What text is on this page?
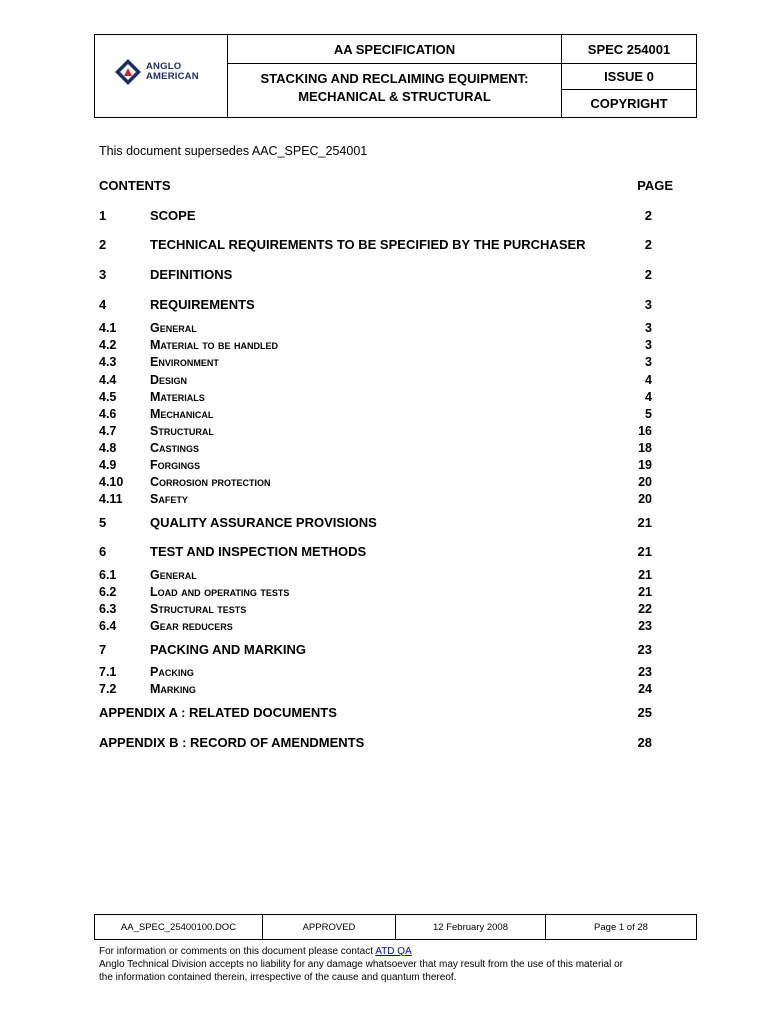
ANGLO
AMERICAN
AA SPECIFICATION
STACKING AND RECLAIMING EQUIPMENT:
MECHANICAL & STRUCTURAL
SPEC 254001
ISSUE 0
COPYRIGHT
This document supersedes AAC_SPEC_254001
CONTENTS	PAGE
1	SCOPE	2
2	TECHNICAL REQUIREMENTS TO BE SPECIFIED BY THE PURCHASER	2
3	DEFINITIONS	2
4	REQUIREMENTS	3
4.1	General	3
4.2	Material to be handled	3
4.3	Environment	3
4.4	Design	4
4.5	Materials	4
4.6	Mechanical	5
4.7	Structural	16
4.8	Castings	18
4.9	Forgings	19
4.10 Corrosion protection	20
4.11 Safety	20
5	QUALITY ASSURANCE PROVISIONS	21
6	TEST AND INSPECTION METHODS	21
6.1	General	21
6.2	Load and operating tests	21
6.3	Structural tests	22
6.4	Gear reducers	23
7	PACKING AND MARKING	23
7.1	Packing	23
7.2	Marking	24
APPENDIX A : RELATED DOCUMENTS	25
APPENDIX B : RECORD OF AMENDMENTS	28
AA_SPEC_25400100.DOC	APPROVED	12 February 2008	Page 1 of 28
For information or comments on this document please contact ATD QA
Anglo Technical Division accepts no liability for any damage whatsoever that may result from the use of this material or
the information contained therein, irrespective of the cause and quantum thereof.
